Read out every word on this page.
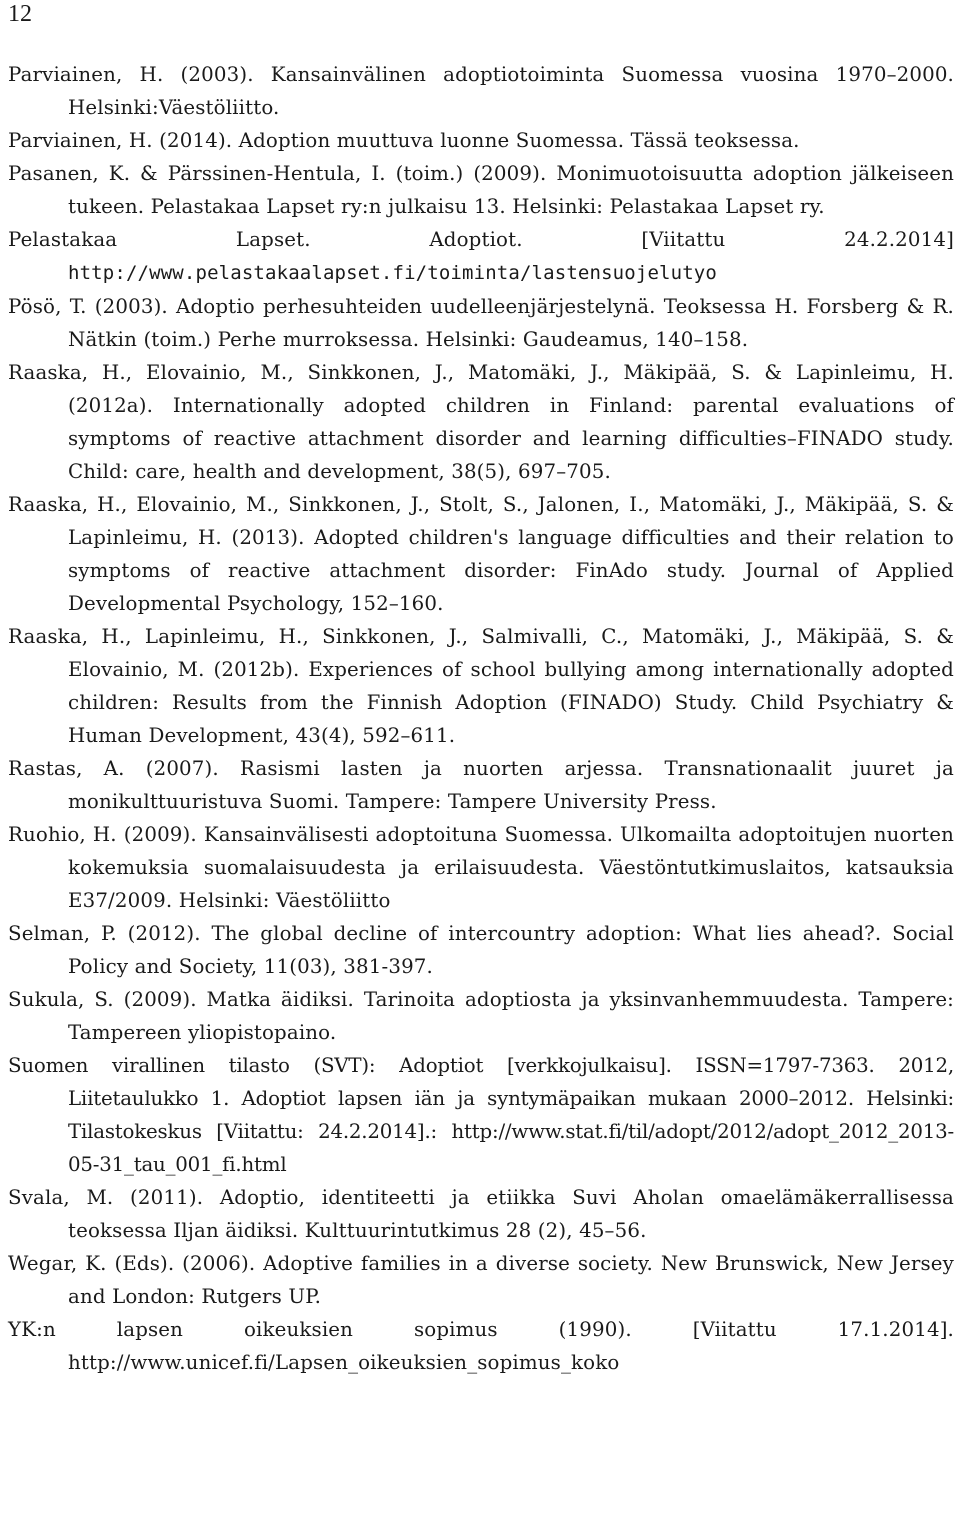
12
Parviainen, H. (2003). Kansainvälinen adoptiotoiminta Suomessa vuosina 1970–2000. Helsinki:Väestöliitto.
Parviainen, H. (2014). Adoption muuttuva luonne Suomessa. Tässä teoksessa.
Pasanen, K. & Pärssinen-Hentula, I. (toim.) (2009). Monimuotoisuutta adoption jälkeiseen tukeen. Pelastakaa Lapset ry:n julkaisu 13. Helsinki: Pelastakaa Lapset ry.
Pelastakaa Lapset. Adoptiot. [Viitattu 24.2.2014] http://www.pelastakaalapset.fi/toiminta/lastensuojelutyo
Pösö, T. (2003). Adoptio perhesuhteiden uudelleenjärjestelynä. Teoksessa H. Forsberg & R. Nätkin (toim.) Perhe murroksessa. Helsinki: Gaudeamus, 140–158.
Raaska, H., Elovainio, M., Sinkkonen, J., Matomäki, J., Mäkipää, S. & Lapinleimu, H. (2012a). Internationally adopted children in Finland: parental evaluations of symptoms of reactive attachment disorder and learning difficulties–FINADO study. Child: care, health and development, 38(5), 697–705.
Raaska, H., Elovainio, M., Sinkkonen, J., Stolt, S., Jalonen, I., Matomäki, J., Mäkipää, S. & Lapinleimu, H. (2013). Adopted children's language difficulties and their relation to symptoms of reactive attachment disorder: FinAdo study. Journal of Applied Developmental Psychology, 152–160.
Raaska, H., Lapinleimu, H., Sinkkonen, J., Salmivalli, C., Matomäki, J., Mäkipää, S. & Elovainio, M. (2012b). Experiences of school bullying among internationally adopted children: Results from the Finnish Adoption (FINADO) Study. Child Psychiatry & Human Development, 43(4), 592–611.
Rastas, A. (2007). Rasismi lasten ja nuorten arjessa. Transnationaalit juuret ja monikulttuuristuva Suomi. Tampere: Tampere University Press.
Ruohio, H. (2009). Kansainvälisesti adoptoituna Suomessa. Ulkomailta adoptoitujen nuorten kokemuksia suomalaisuudesta ja erilaisuudesta. Väestöntutkimuslaitos, katsauksia E37/2009. Helsinki: Väestöliitto
Selman, P. (2012). The global decline of intercountry adoption: What lies ahead?. Social Policy and Society, 11(03), 381-397.
Sukula, S. (2009). Matka äidiksi. Tarinoita adoptiosta ja yksinvanhemmuudesta. Tampere: Tampereen yliopistopaino.
Suomen virallinen tilasto (SVT): Adoptiot [verkkojulkaisu]. ISSN=1797-7363. 2012, Liitetaulukko 1. Adoptiot lapsen iän ja syntymäpaikan mukaan 2000–2012. Helsinki: Tilastokeskus [Viitattu: 24.2.2014].: http://www.stat.fi/til/adopt/2012/adopt_2012_2013-05-31_tau_001_fi.html
Svala, M. (2011). Adoptio, identiteetti ja etiikka Suvi Aholan omaelämäkerrallisessa teoksessa Iljan äidiksi. Kulttuurintutkimus 28 (2), 45–56.
Wegar, K. (Eds). (2006). Adoptive families in a diverse society. New Brunswick, New Jersey and London: Rutgers UP.
YK:n lapsen oikeuksien sopimus (1990). [Viitattu 17.1.2014]. http://www.unicef.fi/Lapsen_oikeuksien_sopimus_koko
